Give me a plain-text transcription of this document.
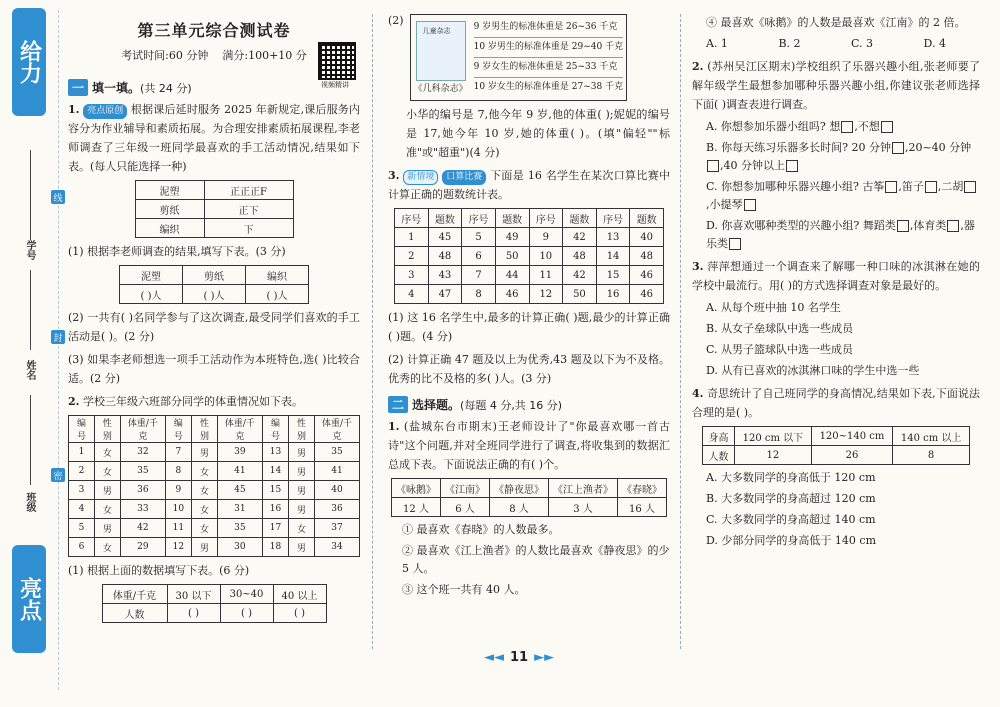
给力
学号
姓名
班级
亮点
线
封
密
第三单元综合测试卷
考试时间:60 分钟 满分:100+10 分
视频精讲
一 填一填。(共 24 分)

1. 亮点原创 根据课后延时服务 2025 年新规定,课后服务内容分为作业辅导和素质拓展。为合理安排素质拓展课程,李老师调查了三年级一班同学最喜欢的手工活动情况,结果如下表。(每人只能选择一种)

泥塑	正正正F
剪纸	正下
编织	下

(1) 根据李老师调查的结果,填写下表。(3 分)

泥塑	剪纸	编织
( )人	( )人	( )人

(2) 一共有( )名同学参与了这次调查,最受同学们喜欢的手工活动是( )。(2 分)

(3) 如果李老师想选一项手工活动作为本班特色,选( )比较合适。(2 分)

2. 学校三年级六班部分同学的体重情况如下表。

编号	性别	体重/千克	编号	性别	体重/千克	编号	性别	体重/千克
1	女	32	7	男	39	13	男	35
2	女	35	8	女	41	14	男	41
3	男	36	9	女	45	15	男	40
4	女	33	10	女	31	16	男	36
5	男	42	11	女	35	17	女	37
6	女	29	12	男	30	18	男	34

(1) 根据上面的数据填写下表。(6 分)

体重/千克	30 以下	30~40	40 以上
人数	( )	( )	( )
(2)
儿童杂志
《几科杂志》
9 岁男生的标准体重是 26~36 千克
10 岁男生的标准体重是 29~40 千克
9 岁女生的标准体重是 25~33 千克
10 岁女生的标准体重是 27~38 千克

小华的编号是 7,他今年 9 岁,他的体重( );妮妮的编号是 17,她今年 10 岁,她的体重( )。(填"偏轻""标准"或"超重")(4 分)

3. 新情境 口算比赛 下面是 16 名学生在某次口算比赛中计算正确的题数统计表。

序号	题数	序号	题数	序号	题数	序号	题数
1	45	5	49	9	42	13	40
2	48	6	50	10	48	14	48
3	43	7	44	11	42	15	46
4	47	8	46	12	50	16	46

(1) 这 16 名学生中,最多的计算正确( )题,最少的计算正确( )题。(4 分)

(2) 计算正确 47 题及以上为优秀,43 题及以下为不及格。优秀的比不及格的多( )人。(3 分)

二 选择题。(每题 4 分,共 16 分)

1. (盐城东台市期末)王老师设计了"你最喜欢哪一首古诗"这个问题,并对全班同学进行了调查,将收集到的数据汇总成下表。下面说法正确的有( )个。

《咏鹅》	《江南》	《静夜思》	《江上渔者》	《春晓》
12 人	6 人	8 人	3 人	16 人
① 最喜欢《春晓》的人数最多。
② 最喜欢《江上渔者》的人数比最喜欢《静夜思》的少 5 人。
③ 这个班一共有 40 人。
④ 最喜欢《咏鹅》的人数是最喜欢《江南》的 2 倍。
A. 1	B. 2	C. 3	D. 4

2. (苏州吴江区期末)学校组织了乐器兴趣小组,张老师要了解年级学生最想参加哪种乐器兴趣小组,你建议张老师选择下面( )调查表进行调查。

A. 你想参加乐器小组吗? 想 ,不想
B. 你每天练习乐器多长时间? 20 分钟 ,20~40 分钟,40 分钟以上
C. 你想参加哪种乐器兴趣小组? 古筝 ,笛子 ,二胡,小提琴
D. 你喜欢哪种类型的兴趣小组? 舞蹈类 ,体育类 ,器乐类

3. 萍萍想通过一个调查来了解哪一种口味的冰淇淋在她的学校中最流行。用( )的方式选择调查对象是最好的。

A. 从每个班中抽 10 名学生
B. 从女子垒球队中选一些成员
C. 从男子篮球队中选一些成员
D. 从有已喜欢的冰淇淋口味的学生中选一些

4. 奇思统计了自己班同学的身高情况,结果如下表,下面说法合理的是( )。

身高	120 cm 以下	120~140 cm	140 cm 以上
人数	12	26	8
A. 大多数同学的身高低于 120 cm
B. 大多数同学的身高超过 120 cm
C. 大多数同学的身高超过 140 cm
D. 少部分同学的身高低于 140 cm
◄◄ 11 ►►
